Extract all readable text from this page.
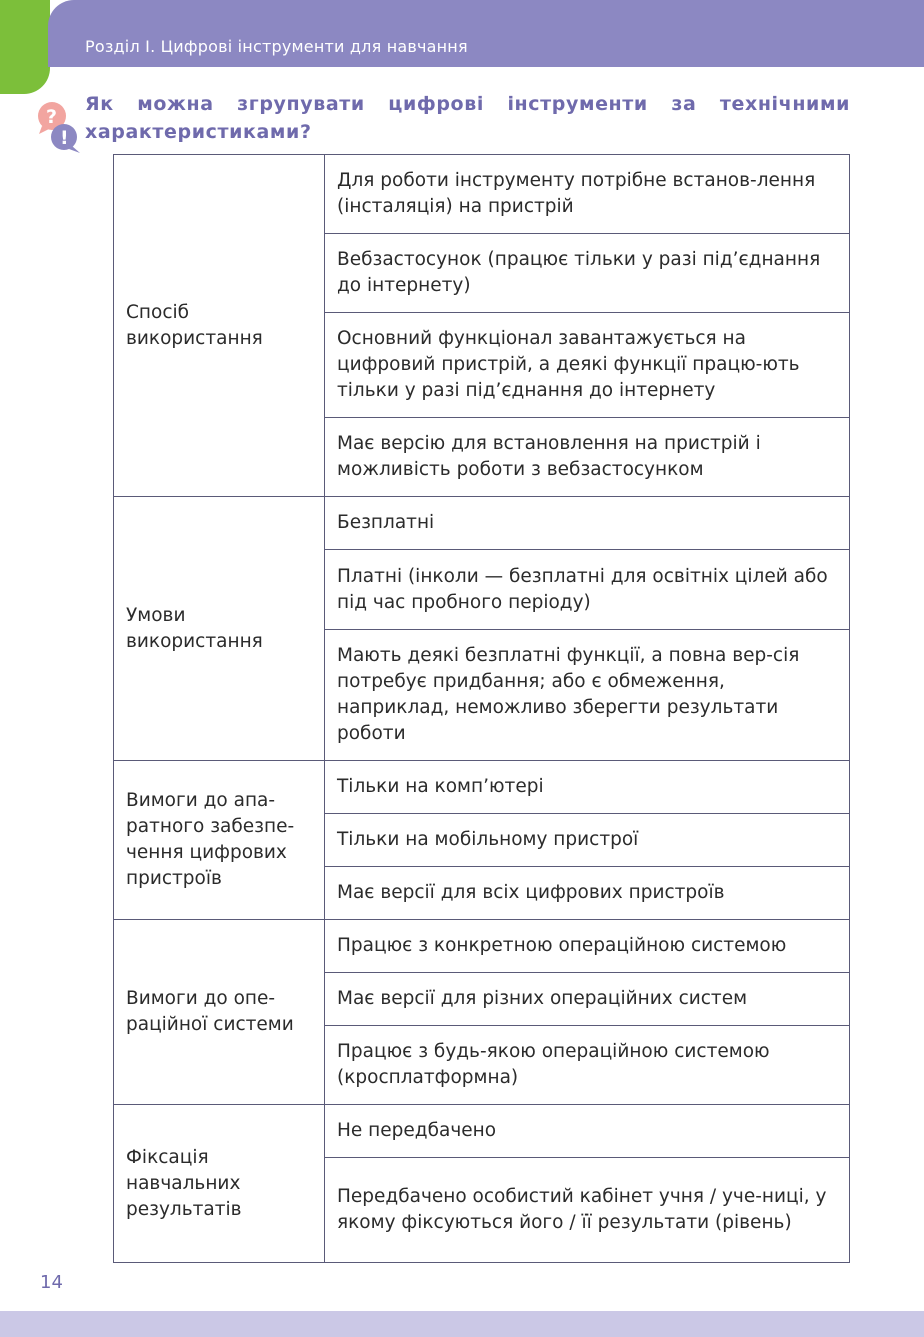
Розділ І. Цифрові інструменти для навчання
?
!
Як можна згрупувати цифрові інструменти за технічними характеристиками?
Спосіб використання	Для роботи інструменту потрібне встанов-лення (інсталяція) на пристрій
	Вебзастосунок (працює тільки у разі під’єднання до інтернету)
	Основний функціонал завантажується на цифровий пристрій, а деякі функції працю-ють тільки у разі під’єднання до інтернету
	Має версію для встановлення на пристрій і можливість роботи з вебзастосунком
Умови використання	Безплатні
	Платні (інколи — безплатні для освітніх цілей або під час пробного періоду)
	Мають деякі безплатні функції, а повна вер-сія потребує придбання; або є обмеження, наприклад, неможливо зберегти результати роботи
Вимоги до апа-ратного забезпе-чення цифрових пристроїв	Тільки на комп’ютері
	Тільки на мобільному пристрої
	Має версії для всіх цифрових пристроїв
Вимоги до опе-раційної системи	Працює з конкретною операційною системою
	Має версії для різних операційних систем
	Працює з будь-якою операційною системою (кросплатформна)
Фіксація навчальних результатів	Не передбачено
	Передбачено особистий кабінет учня / уче-ниці, у якому фіксуються його / її результати (рівень)
14
